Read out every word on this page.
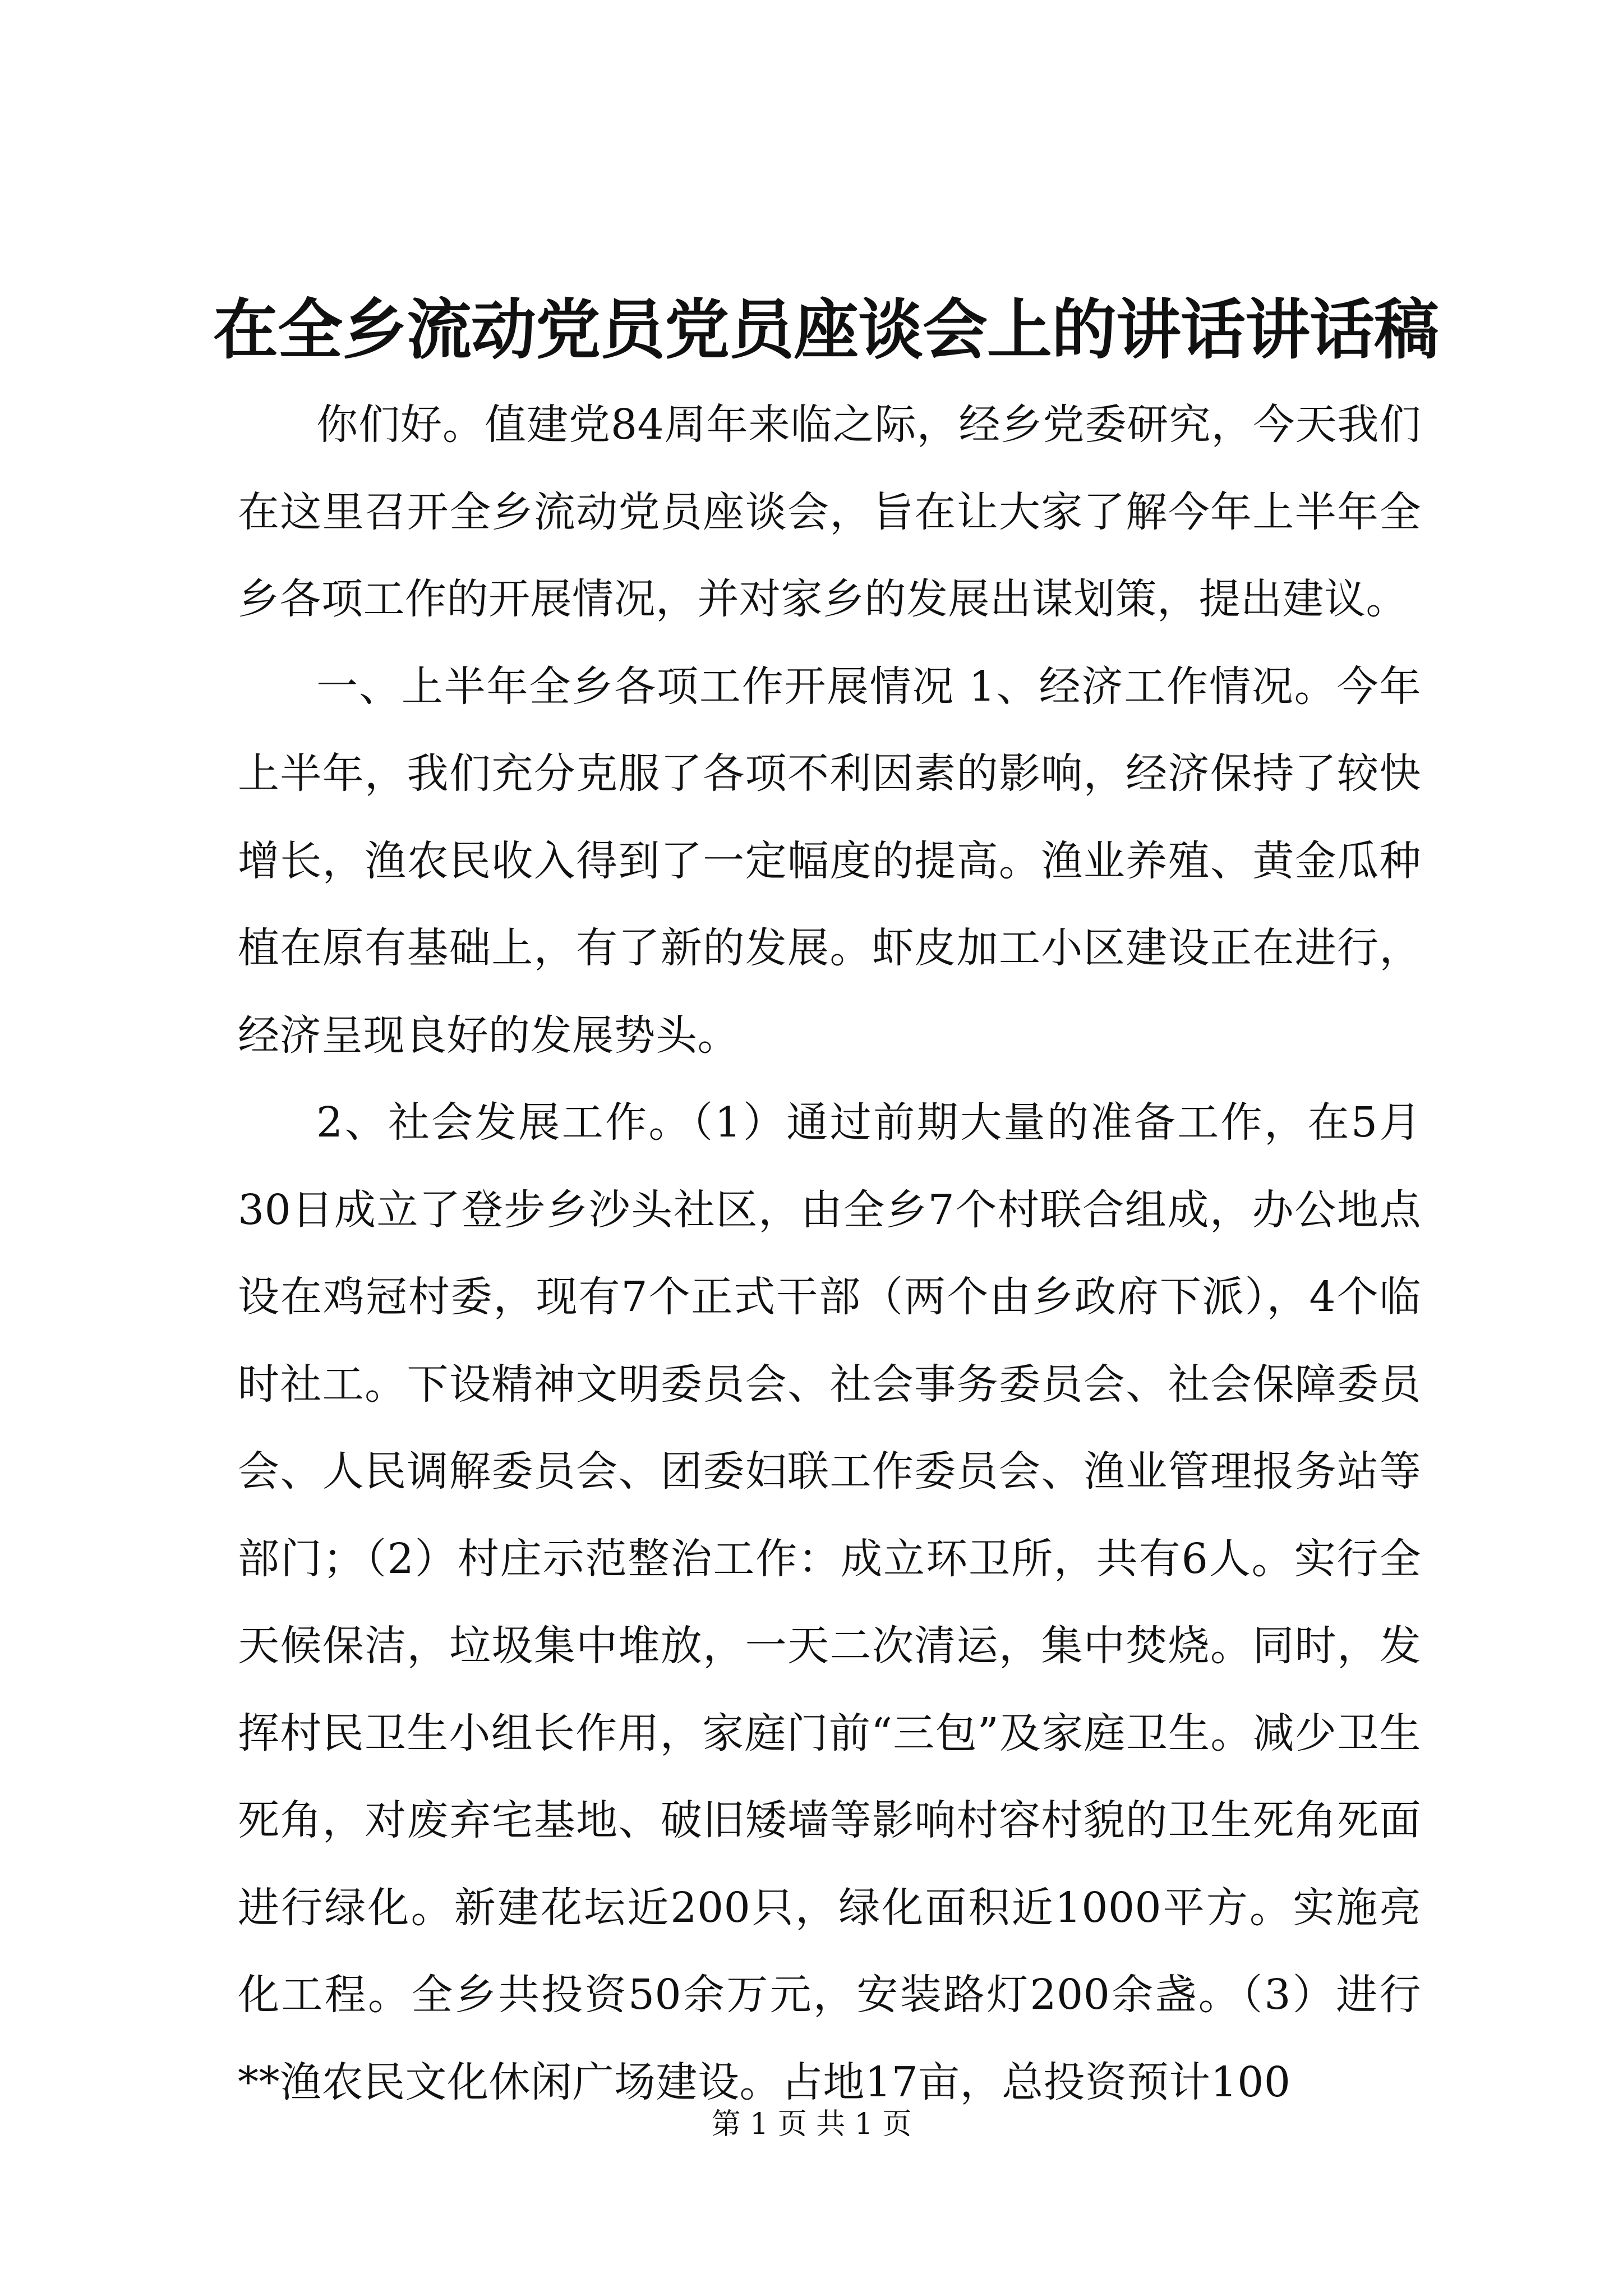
在全乡流动党员党员座谈会上的讲话讲话稿

你们好。值建党84周年来临之际，经乡党委研究，今天我们在这里召开全乡流动党员座谈会，旨在让大家了解今年上半年全乡各项工作的开展情况，并对家乡的发展出谋划策，提出建议。

一、上半年全乡各项工作开展情况 1、经济工作情况。今年上半年，我们充分克服了各项不利因素的影响，经济保持了较快增长，渔农民收入得到了一定幅度的提高。渔业养殖、黄金瓜种植在原有基础上，有了新的发展。虾皮加工小区建设正在进行，经济呈现良好的发展势头。

2、社会发展工作。（1）通过前期大量的准备工作，在5月30日成立了登步乡沙头社区，由全乡7个村联合组成，办公地点设在鸡冠村委，现有7个正式干部（两个由乡政府下派），4个临时社工。下设精神文明委员会、社会事务委员会、社会保障委员会、人民调解委员会、团委妇联工作委员会、渔业管理报务站等部门；（2）村庄示范整治工作：成立环卫所，共有6人。实行全天候保洁，垃圾集中堆放，一天二次清运，集中焚烧。同时，发挥村民卫生小组长作用，家庭门前“三包”及家庭卫生。减少卫生死角，对废弃宅基地、破旧矮墙等影响村容村貌的卫生死角死面进行绿化。新建花坛近200只，绿化面积近1000平方。实施亮化工程。全乡共投资50余万元，安装路灯200余盏。（3）进行**渔农民文化休闲广场建设。占地17亩，总投资预计100

第 1 页 共 1 页
